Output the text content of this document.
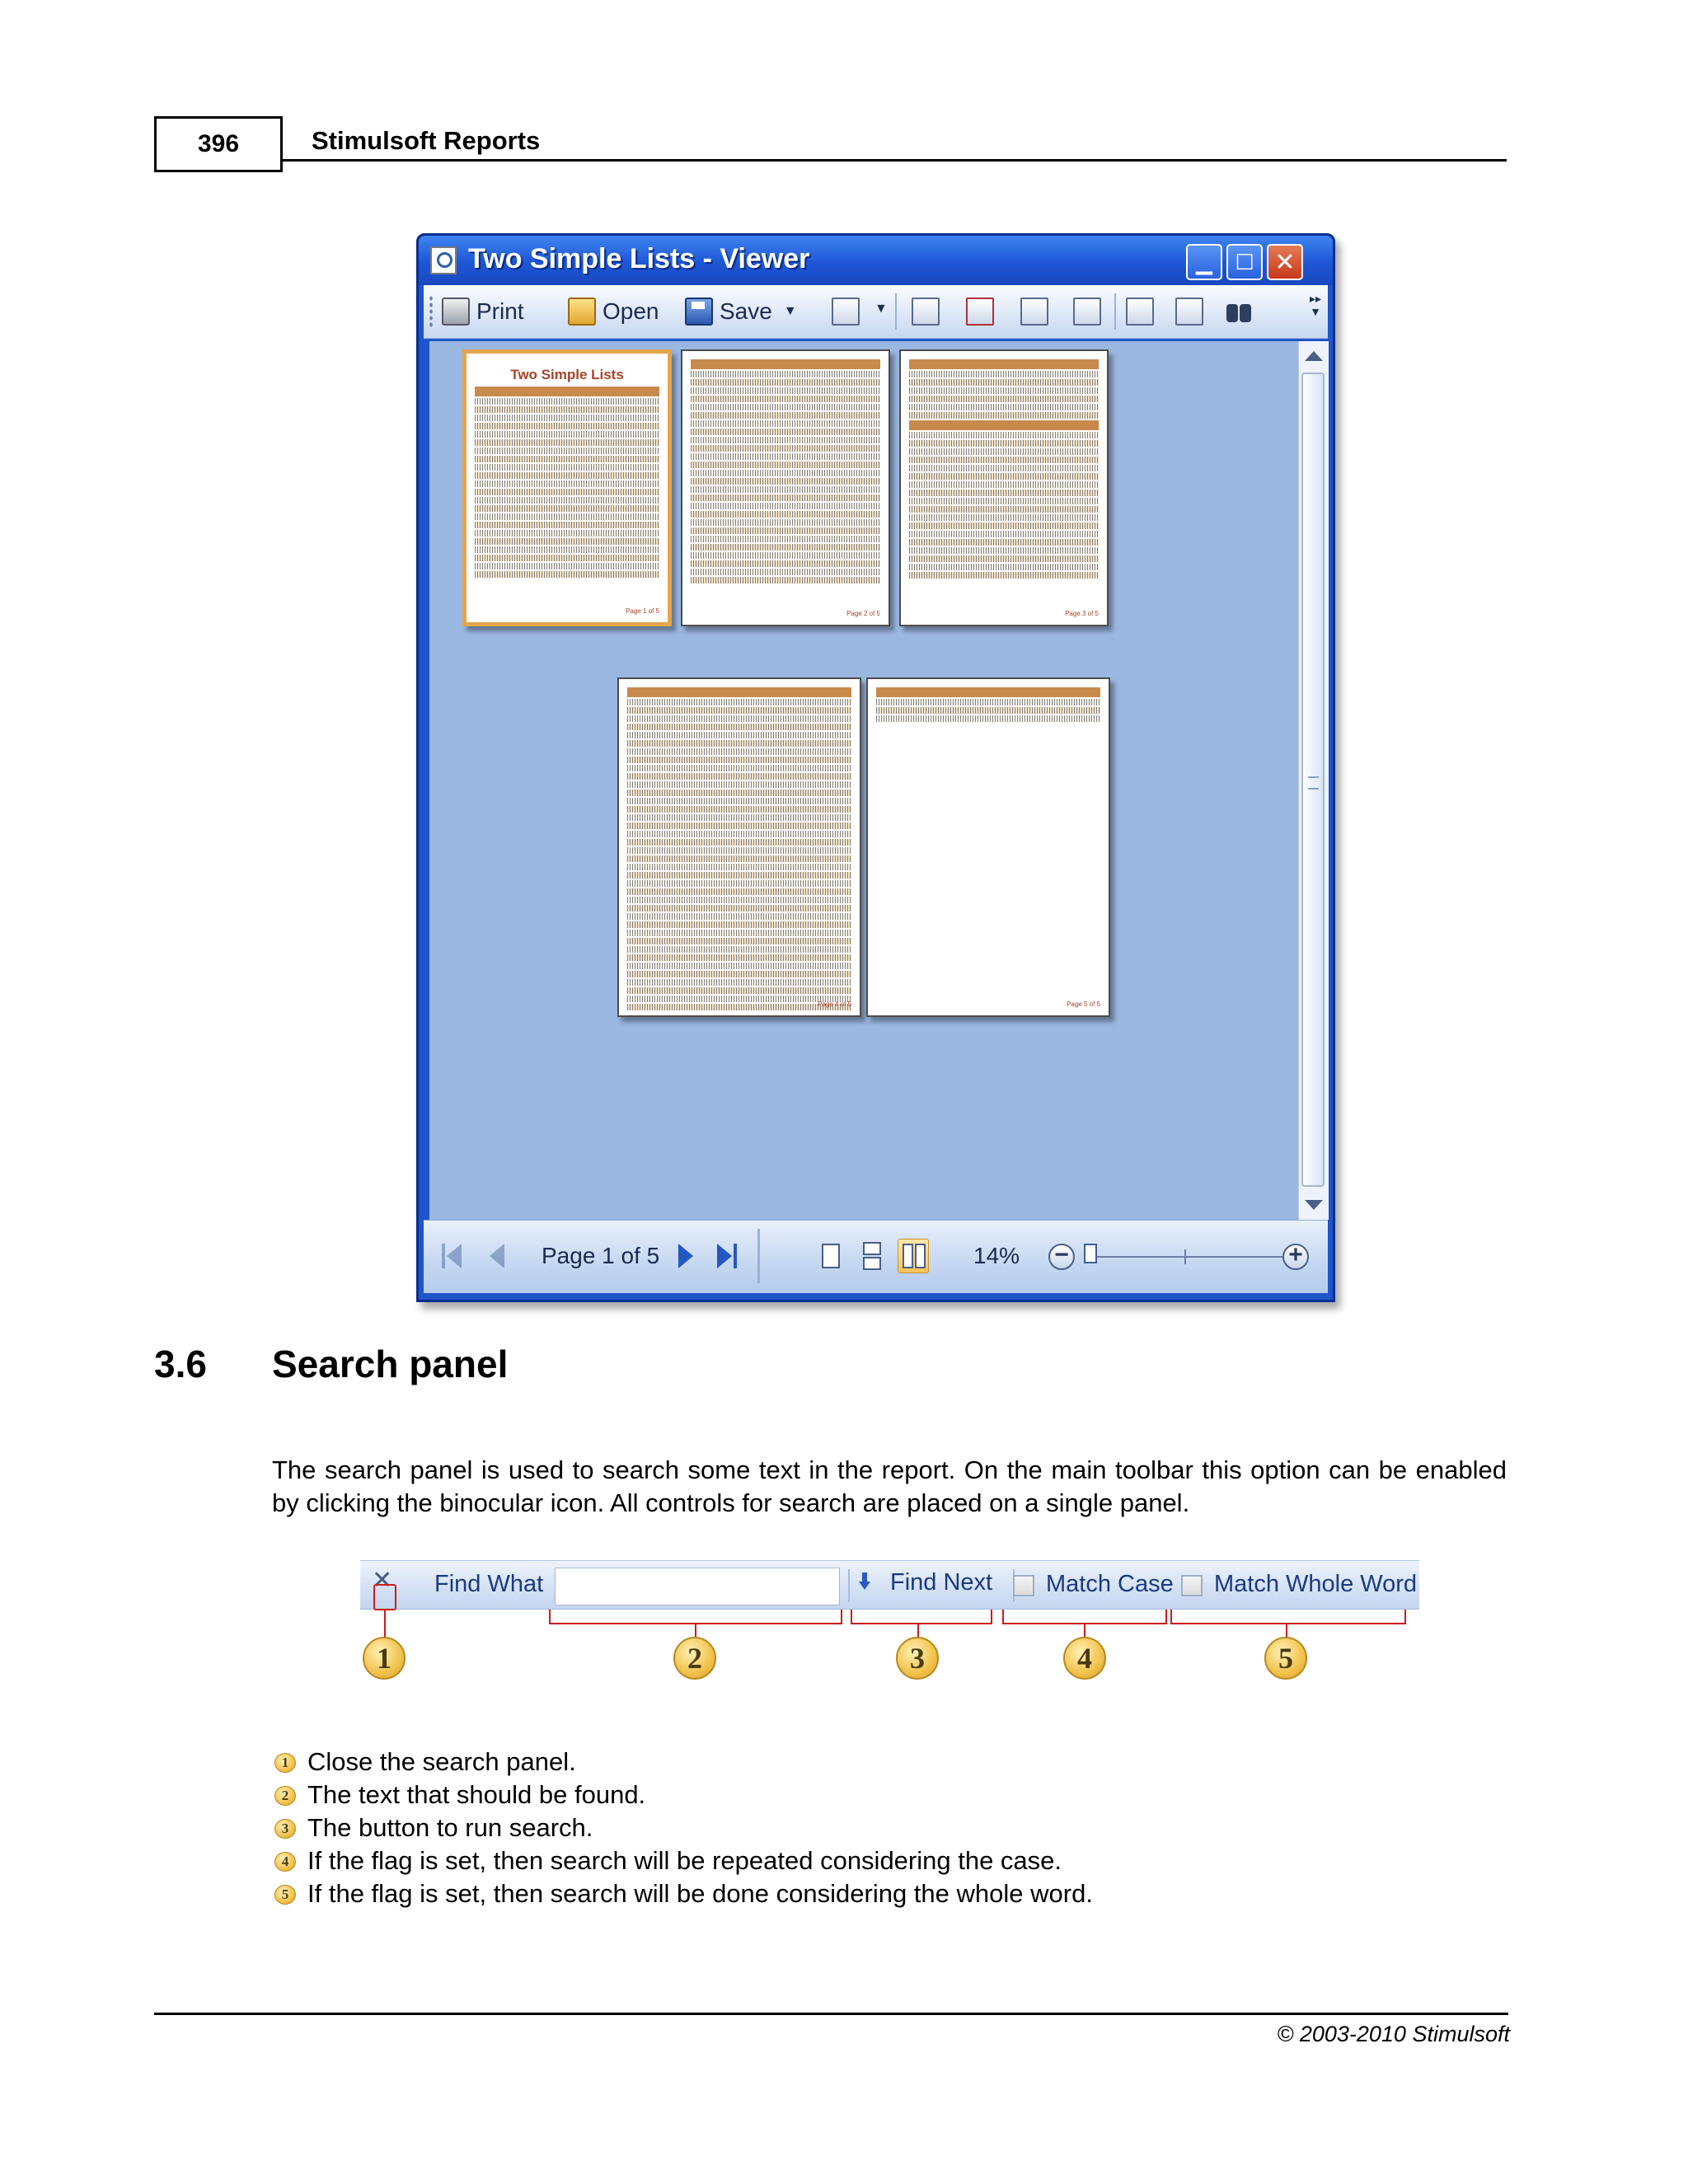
396	Stimulsoft Reports
Two Simple Lists - Viewer	▁ ☐ ✕
Print	Open	Save ▼	▼
▸▸
▼
Two Simple Lists
Page 1 of 5	Page 2 of 5	Page 3 of 5
Page 4 of 5	Page 5 of 5
Page 1 of 5	14% −	+
3.6 Search panel
The search panel is used to search some text in the report. On the main toolbar this option can be enabled by clicking the binocular icon. All controls for search are placed on a single panel.
✕ Find What	Find Next Match Case Match Whole Word
1	2	3	4	5
1 Close the search panel.
2 The text that should be found.
3 The button to run search.
4 If the flag is set, then search will be repeated considering the case.
5 If the flag is set, then search will be done considering the whole word.
© 2003-2010 Stimulsoft
